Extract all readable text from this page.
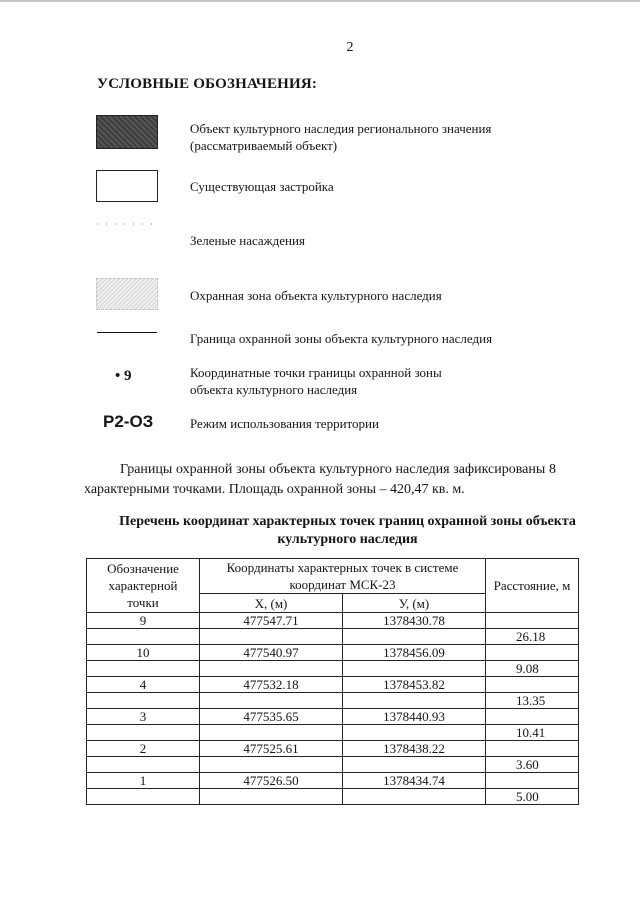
2
УСЛОВНЫЕ ОБОЗНАЧЕНИЯ:
Объект культурного наследия регионального значения
(рассматриваемый объект)
Существующая застройка
Зеленые насаждения
Охранная зона объекта культурного наследия
Граница охранной зоны объекта культурного наследия
• 9	Координатные точки границы охранной зоны
объекта культурного наследия
Р2-ОЗ	Режим использования территории
Границы охранной зоны объекта культурного наследия зафиксированы 8 характерными точками. Площадь охранной зоны – 420,47 кв. м.
Перечень координат характерных точек границ охранной зоны объекта
культурного наследия
Обозначение характерной точки	Координаты характерных точек в системе координат МСК-23		Расстояние, м
	Х, (м)	У, (м)	
9	477547.71	1378430.78	
			26.18
10	477540.97	1378456.09	
			9.08
4	477532.18	1378453.82	
			13.35
3	477535.65	1378440.93	
			10.41
2	477525.61	1378438.22	
			3.60
1	477526.50	1378434.74	
			5.00
